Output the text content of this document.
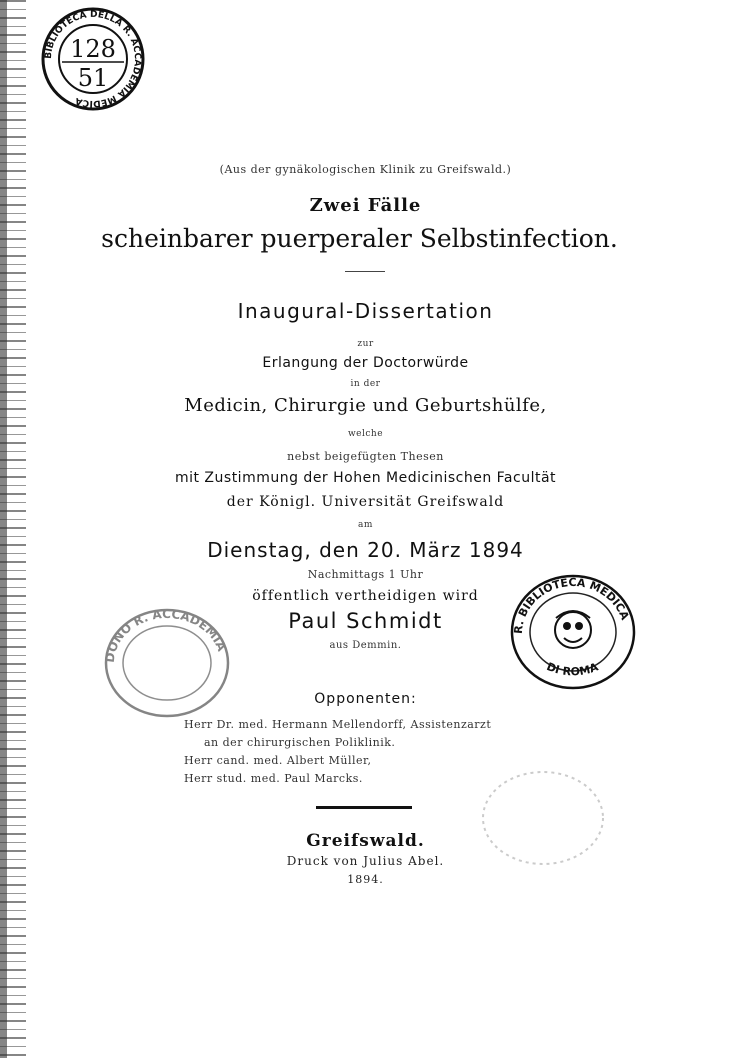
BIBLIOTECA DELLA R. ACCADEMIA MEDICA
128
51
(Aus der gynäkologischen Klinik zu Greifswald.)
Zwei Fälle
scheinbarer puerperaler Selbstinfection.
Inaugural-Dissertation
zur
Erlangung der Doctorwürde
in der
Medicin, Chirurgie und Geburtshülfe,
welche
nebst beigefügten Thesen
mit Zustimmung der Hohen Medicinischen Facultät
der Königl. Universität Greifswald
am
Dienstag, den 20. März 1894
Nachmittags 1 Uhr
öffentlich vertheidigen wird
Paul Schmidt
aus Demmin.
DONO R. ACCADEMIA
R. BIBLIOTECA MEDICA
DI ROMA
Opponenten:
Herr Dr. med. Hermann Mellendorff, Assistenzarzt
an der chirurgischen Poliklinik.
Herr cand. med. Albert Müller,
Herr stud. med. Paul Marcks.
Greifswald.
Druck von Julius Abel.
1894.
